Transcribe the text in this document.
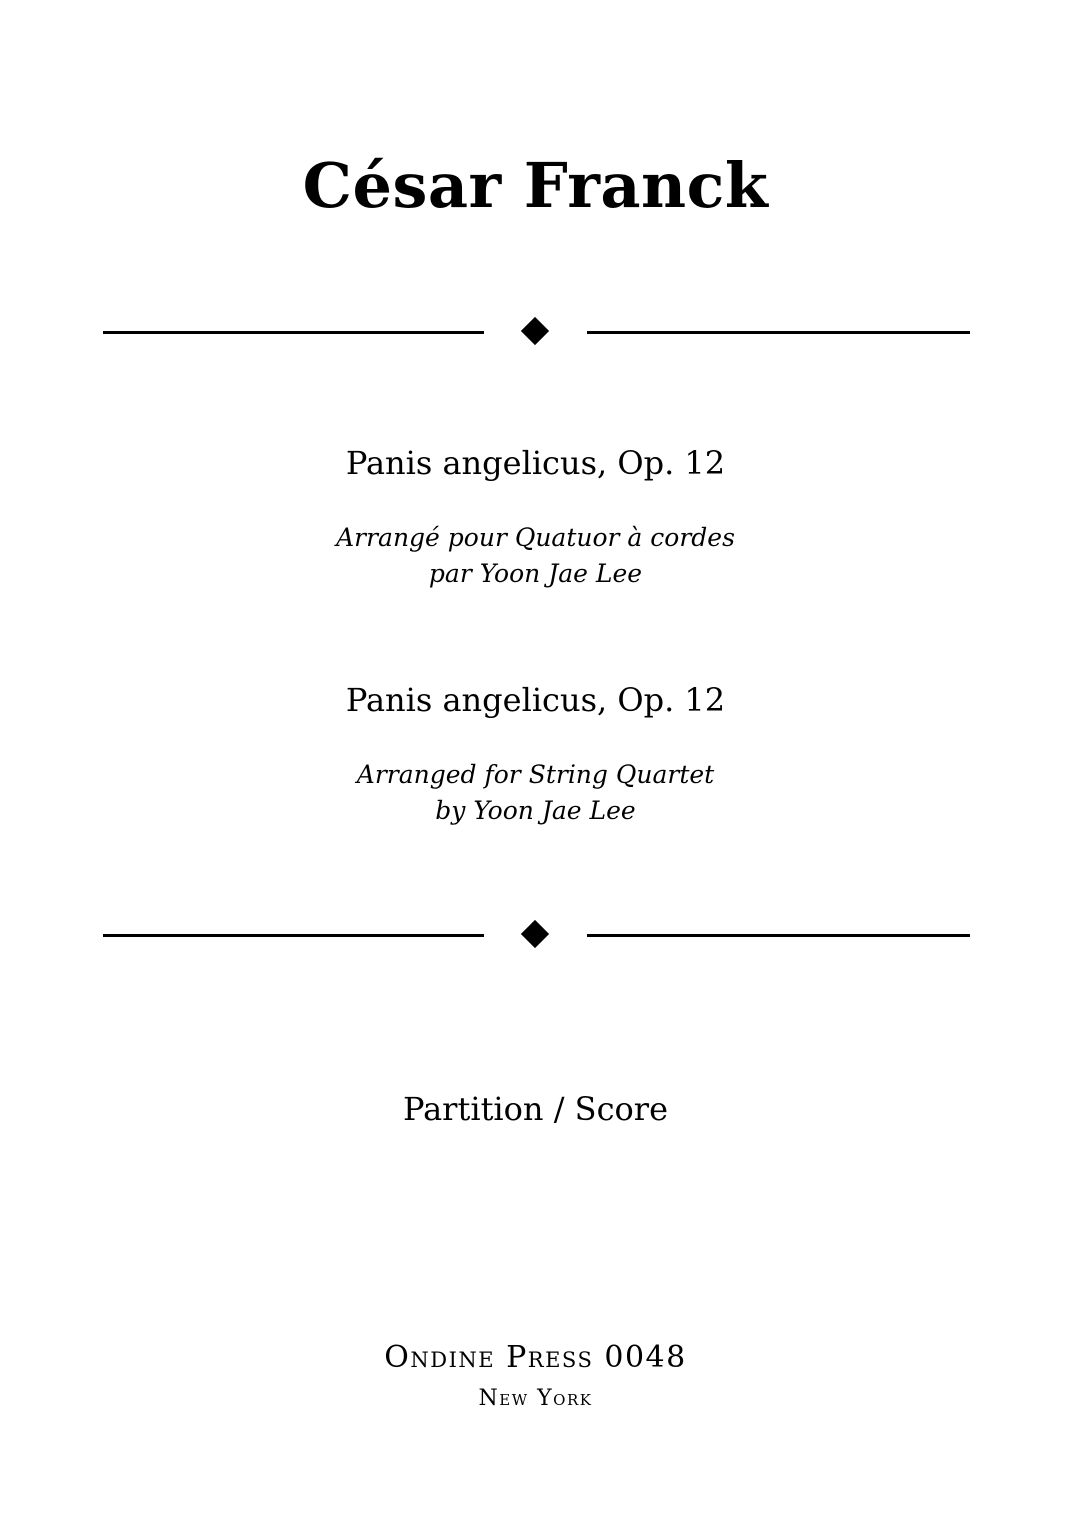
César Franck
Panis angelicus, Op. 12
Arrangé pour Quatuor à cordes
par Yoon Jae Lee
Panis angelicus, Op. 12
Arranged for String Quartet
by Yoon Jae Lee
Partition / Score
Ondine Press 0048
New York
